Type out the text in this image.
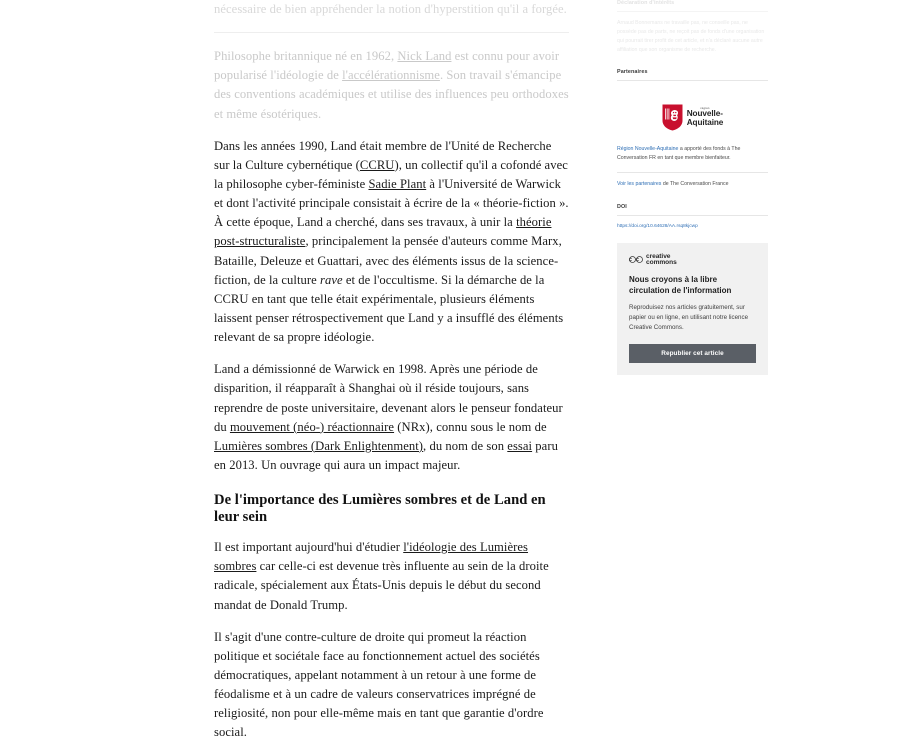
nécessaire de bien appréhender la notion d'hyperstition qu'il a forgée.

Philosophe britannique né en 1962, Nick Land est connu pour avoir popularisé l'idéologie de l'accélérationnisme. Son travail s'émancipe des conventions académiques et utilise des influences peu orthodoxes et même ésotériques.

Dans les années 1990, Land était membre de l'Unité de Recherche sur la Culture cybernétique (CCRU), un collectif qu'il a cofondé avec la philosophe cyber-féministe Sadie Plant à l'Université de Warwick et dont l'activité principale consistait à écrire de la « théorie-fiction ». À cette époque, Land a cherché, dans ses travaux, à unir la théorie post-structuraliste, principalement la pensée d'auteurs comme Marx, Bataille, Deleuze et Guattari, avec des éléments issus de la science-fiction, de la culture rave et de l'occultisme. Si la démarche de la CCRU en tant que telle était expérimentale, plusieurs éléments laissent penser rétrospectivement que Land y a insufflé des éléments relevant de sa propre idéologie.

Land a démissionné de Warwick en 1998. Après une période de disparition, il réapparaît à Shanghai où il réside toujours, sans reprendre de poste universitaire, devenant alors le penseur fondateur du mouvement (néo-) réactionnaire (NRx), connu sous le nom de Lumières sombres (Dark Enlightenment), du nom de son essai paru en 2013. Un ouvrage qui aura un impact majeur.

De l'importance des Lumières sombres et de Land en leur sein

Il est important aujourd'hui d'étudier l'idéologie des Lumières sombres car celle-ci est devenue très influente au sein de la droite radicale, spécialement aux États-Unis depuis le début du second mandat de Donald Trump.

Il s'agit d'une contre-culture de droite qui promeut la réaction politique et sociétale face au fonctionnement actuel des sociétés démocratiques, appelant notamment à un retour à une forme de féodalisme et à un cadre de valeurs conservatrices imprégné de religiosité, non pour elle-même mais en tant que garantie d'ordre social.

Déclaration d'intérêts
Arnaud Bonnemans ne travaille pas, ne conseille pas, ne possède pas de parts, ne reçoit pas de fonds d'une organisation qui pourrait tirer profit de cet article, et n'a déclaré aucune autre affiliation que son organisme de recherche.
Partenaires
région
Nouvelle-
Aquitaine
Région Nouvelle-Aquitaine a apporté des fonds à The Conversation FR en tant que membre bienfaiteur.
Voir les partenaires de The Conversation France
DOI
https://doi.org/10.64628/AA.rsq8kjcwp
creative
commons
Nous croyons à la libre circulation de l'information
Reproduisez nos articles gratuitement, sur papier ou en ligne, en utilisant notre licence Creative Commons.
Republier cet article
